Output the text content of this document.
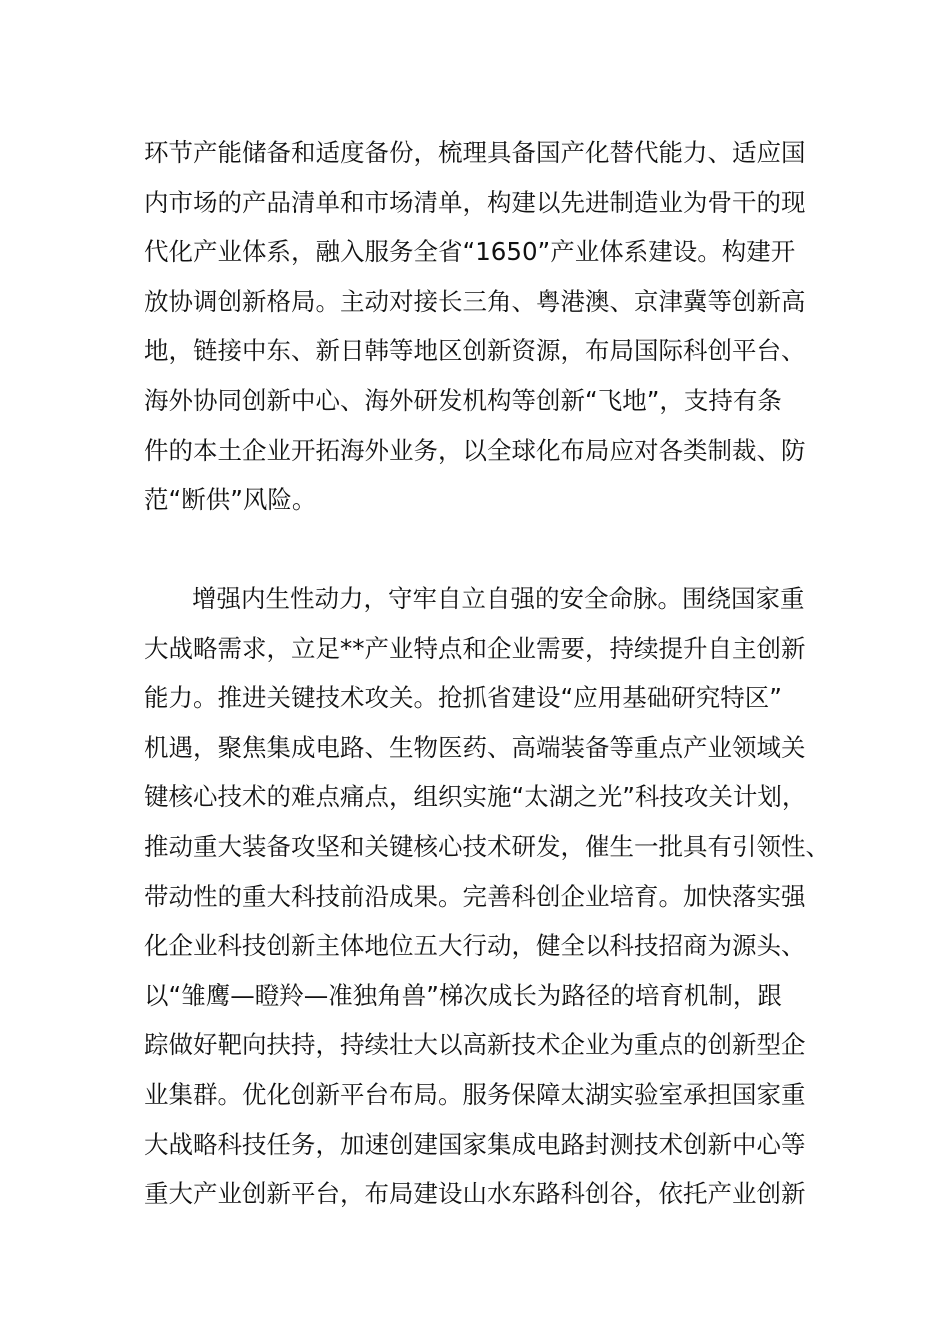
环节产能储备和适度备份，梳理具备国产化替代能力、适应国
内市场的产品清单和市场清单，构建以先进制造业为骨干的现
代化产业体系，融入服务全省“1650”产业体系建设。构建开
放协调创新格局。主动对接长三角、粤港澳、京津冀等创新高
地，链接中东、新日韩等地区创新资源，布局国际科创平台、
海外协同创新中心、海外研发机构等创新“飞地”，支持有条
件的本土企业开拓海外业务，以全球化布局应对各类制裁、防
范“断供”风险。

增强内生性动力，守牢自立自强的安全命脉。围绕国家重
大战略需求，立足**产业特点和企业需要，持续提升自主创新
能力。推进关键技术攻关。抢抓省建设“应用基础研究特区”
机遇，聚焦集成电路、生物医药、高端装备等重点产业领域关
键核心技术的难点痛点，组织实施“太湖之光”科技攻关计划，
推动重大装备攻坚和关键核心技术研发，催生一批具有引领性、
带动性的重大科技前沿成果。完善科创企业培育。加快落实强
化企业科技创新主体地位五大行动，健全以科技招商为源头、
以“雏鹰—瞪羚—准独角兽”梯次成长为路径的培育机制，跟
踪做好靶向扶持，持续壮大以高新技术企业为重点的创新型企
业集群。优化创新平台布局。服务保障太湖实验室承担国家重
大战略科技任务，加速创建国家集成电路封测技术创新中心等
重大产业创新平台，布局建设山水东路科创谷，依托产业创新
